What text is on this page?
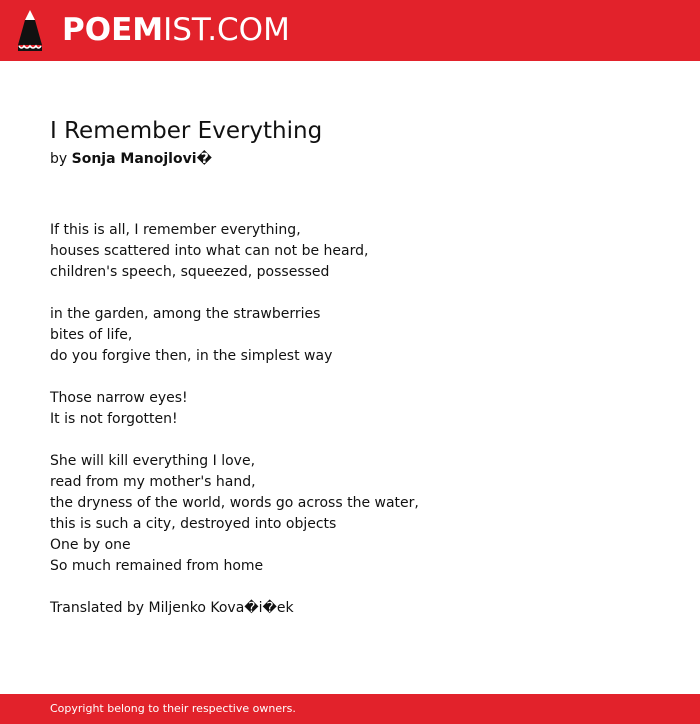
POEMIST.COM
I Remember Everything
by Sonja Manojlovi�
If this is all, I remember everything,
houses scattered into what can not be heard,
children's speech, squeezed, possessed
in the garden, among the strawberries
bites of life,
do you forgive then, in the simplest way
Those narrow eyes!
It is not forgotten!
She will kill everything I love,
read from my mother's hand,
the dryness of the world, words go across the water,
this is such a city, destroyed into objects
One by one
So much remained from home
Translated by Miljenko Kova�i�ek
Copyright belong to their respective owners.
